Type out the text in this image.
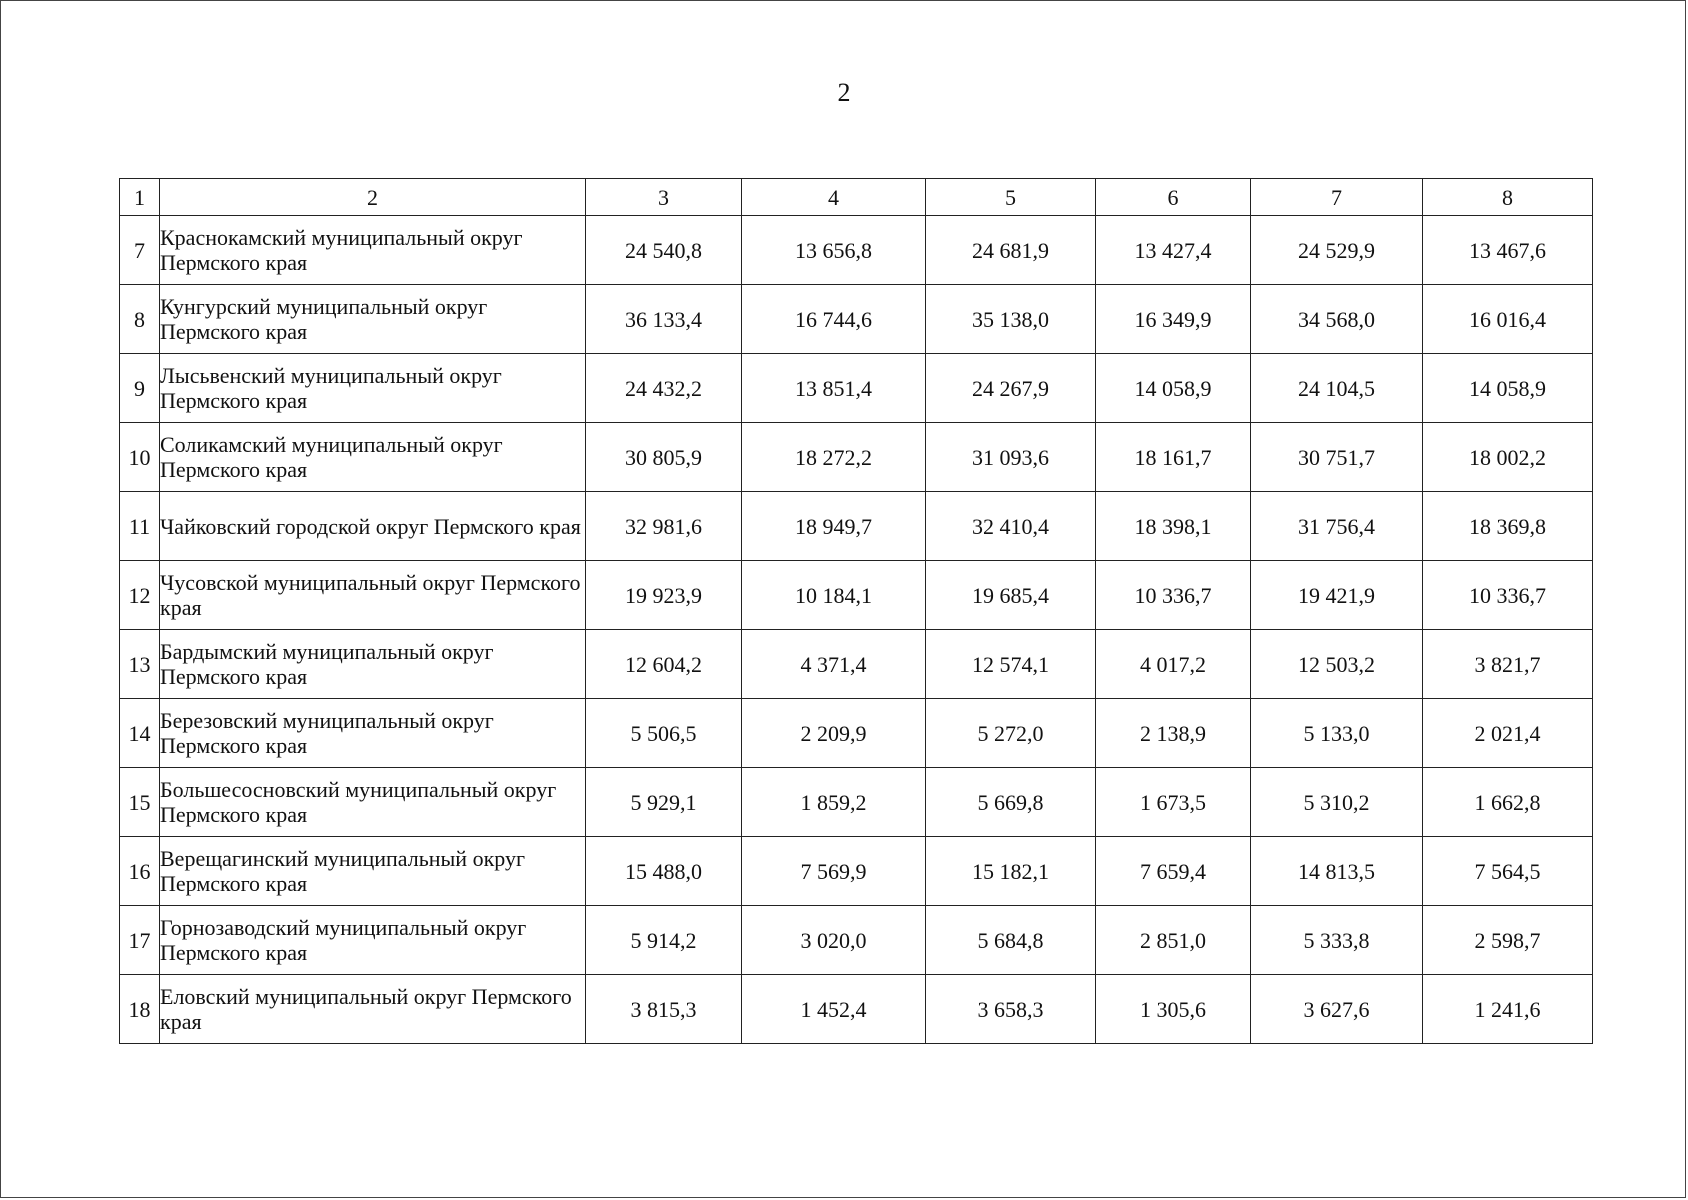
2
1	2	3	4	5	6	7	8
7	Краснокамский муниципальный округ Пермского края	24 540,8	13 656,8	24 681,9	13 427,4	24 529,9	13 467,6
8	Кунгурский муниципальный округ Пермского края	36 133,4	16 744,6	35 138,0	16 349,9	34 568,0	16 016,4
9	Лысьвенский муниципальный округ Пермского края	24 432,2	13 851,4	24 267,9	14 058,9	24 104,5	14 058,9
10	Соликамский муниципальный округ Пермского края	30 805,9	18 272,2	31 093,6	18 161,7	30 751,7	18 002,2
11	Чайковский городской округ Пермского края	32 981,6	18 949,7	32 410,4	18 398,1	31 756,4	18 369,8
12	Чусовской муниципальный округ Пермского края	19 923,9	10 184,1	19 685,4	10 336,7	19 421,9	10 336,7
13	Бардымский муниципальный округ Пермского края	12 604,2	4 371,4	12 574,1	4 017,2	12 503,2	3 821,7
14	Березовский муниципальный округ Пермского края	5 506,5	2 209,9	5 272,0	2 138,9	5 133,0	2 021,4
15	Большесосновский муниципальный округ Пермского края	5 929,1	1 859,2	5 669,8	1 673,5	5 310,2	1 662,8
16	Верещагинский муниципальный округ Пермского края	15 488,0	7 569,9	15 182,1	7 659,4	14 813,5	7 564,5
17	Горнозаводский муниципальный округ Пермского края	5 914,2	3 020,0	5 684,8	2 851,0	5 333,8	2 598,7
18	Еловский муниципальный округ Пермского края	3 815,3	1 452,4	3 658,3	1 305,6	3 627,6	1 241,6
